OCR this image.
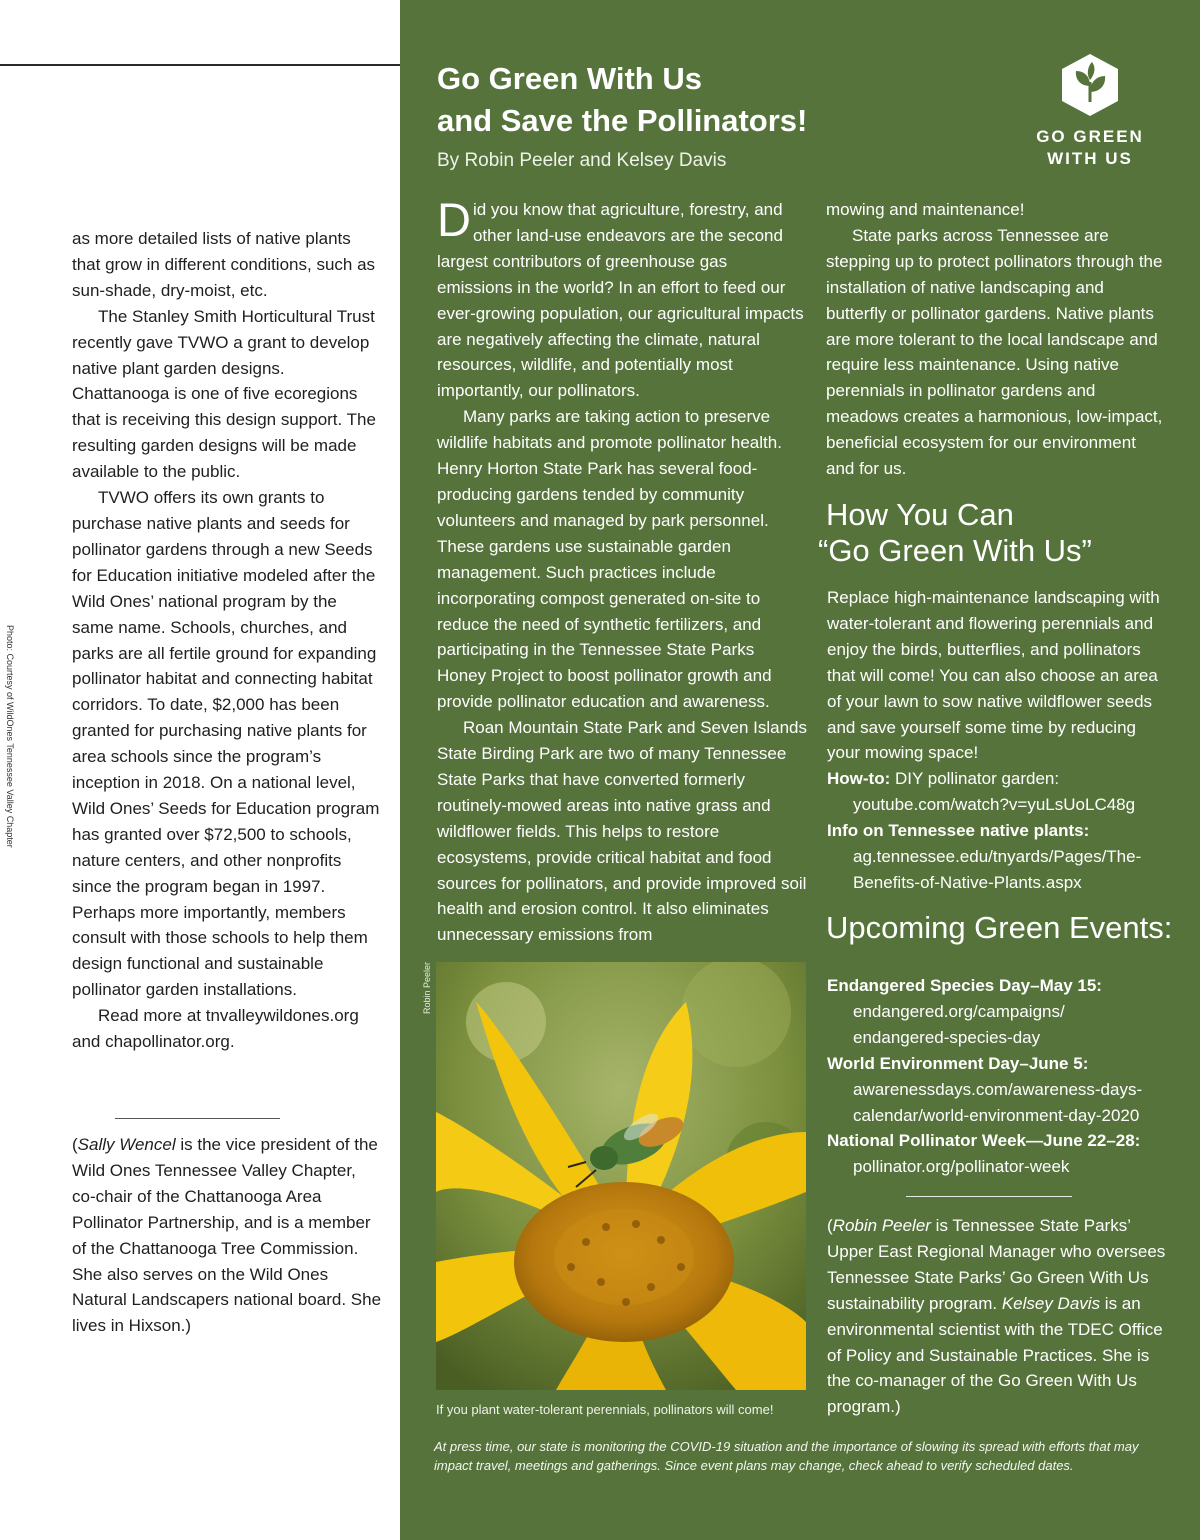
Photo: Courtesy of WildOnes Tennessee Valley Chapter

as more detailed lists of native plants that grow in different conditions, such as sun-shade, dry-moist, etc.

The Stanley Smith Horticultural Trust recently gave TVWO a grant to develop native plant garden designs. Chattanooga is one of five ecoregions that is receiving this design support. The resulting garden designs will be made available to the public.

TVWO offers its own grants to purchase native plants and seeds for pollinator gardens through a new Seeds for Education initiative modeled after the Wild Ones’ national program by the same name. Schools, churches, and parks are all fertile ground for expanding pollinator habitat and connecting habitat corridors. To date, $2,000 has been granted for purchasing native plants for area schools since the program’s inception in 2018. On a national level, Wild Ones’ Seeds for Education program has granted over $72,500 to schools, nature centers, and other nonprofits since the program began in 1997. Perhaps more importantly, members consult with those schools to help them design functional and sustainable pollinator garden installations.

Read more at tnvalleywildones.org and chapollinator.org.

(Sally Wencel is the vice president of the Wild Ones Tennessee Valley Chapter, co-chair of the Chattanooga Area Pollinator Partnership, and is a member of the Chattanooga Tree Commission. She also serves on the Wild Ones Natural Landscapers national board. She lives in Hixson.)

Go Green With Us
and Save the Pollinators!
By Robin Peeler and Kelsey Davis
GO GREEN
WITH US

Did you know that agriculture, forestry, and other land-use endeavors are the second largest contributors of greenhouse gas emissions in the world? In an effort to feed our ever-growing population, our agricultural impacts are negatively affecting the climate, natural resources, wildlife, and potentially most importantly, our pollinators.

Many parks are taking action to preserve wildlife habitats and promote pollinator health. Henry Horton State Park has several food-producing gardens tended by community volunteers and managed by park personnel. These gardens use sustainable garden management. Such practices include incorporating compost generated on-site to reduce the need of synthetic fertilizers, and participating in the Tennessee State Parks Honey Project to boost pollinator growth and provide pollinator education and awareness.

Roan Mountain State Park and Seven Islands State Birding Park are two of many Tennessee State Parks that have converted formerly routinely-mowed areas into native grass and wildflower fields. This helps to restore ecosystems, provide critical habitat and food sources for pollinators, and provide improved soil health and erosion control. It also eliminates unnecessary emissions from

mowing and maintenance!

State parks across Tennessee are stepping up to protect pollinators through the installation of native landscaping and butterfly or pollinator gardens. Native plants are more tolerant to the local landscape and require less maintenance. Using native perennials in pollinator gardens and meadows creates a harmonious, low-impact, beneficial ecosystem for our environment and for us.

How You Can
“Go Green With Us”

Replace high-maintenance landscaping with water-tolerant and flowering perennials and enjoy the birds, butterflies, and pollinators that will come! You can also choose an area of your lawn to sow native wildflower seeds and save yourself some time by reducing your mowing space!

How-to: DIY pollinator garden:

youtube.com/watch?v=yuLsUoLC48g

Info on Tennessee native plants:

ag.tennessee.edu/tnyards/Pages/The-

Benefits-of-Native-Plants.aspx

Upcoming Green Events:

Endangered Species Day–May 15:

endangered.org/campaigns/

endangered-species-day

World Environment Day–June 5:

awarenessdays.com/awareness-days-

calendar/world-environment-day-2020

National Pollinator Week—June 22–28:

pollinator.org/pollinator-week

(Robin Peeler is Tennessee State Parks’ Upper East Regional Manager who oversees Tennessee State Parks’ Go Green With Us sustainability program. Kelsey Davis is an environmental scientist with the TDEC Office of Policy and Sustainable Practices. She is the co-manager of the Go Green With Us program.)

Robin Peeler
If you plant water-tolerant perennials, pollinators will come!

At press time, our state is monitoring the COVID-19 situation and the importance of slowing its spread with efforts that may impact travel, meetings and gatherings. Since event plans may change, check ahead to verify scheduled dates.
